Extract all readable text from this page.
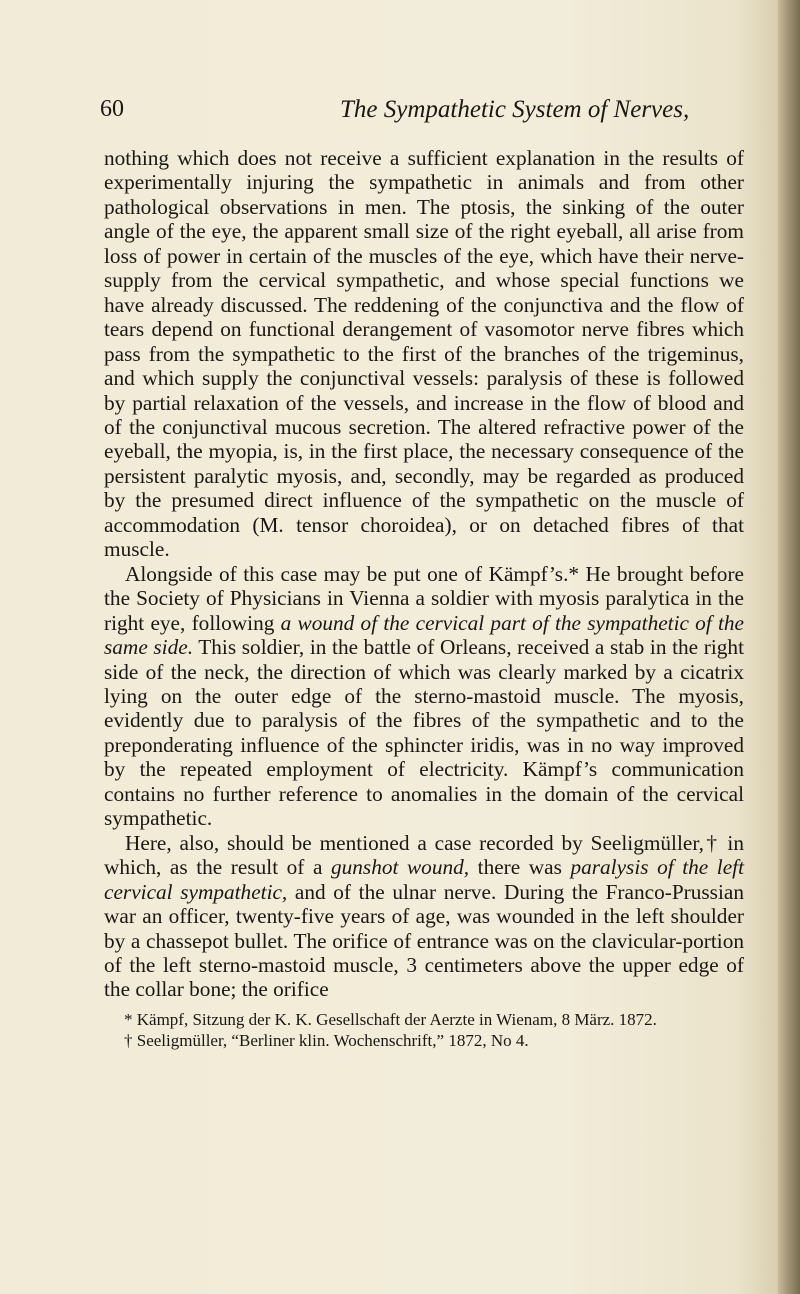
60	The Sympathetic System of Nerves,

nothing which does not receive a sufficient explanation in the results of experimentally injuring the sympathetic in animals and from other pathological observations in men. The ptosis, the sinking of the outer angle of the eye, the apparent small size of the right eyeball, all arise from loss of power in certain of the muscles of the eye, which have their nerve-supply from the cervical sympathetic, and whose special functions we have already discussed. The reddening of the conjunctiva and the flow of tears depend on functional derangement of vasomotor nerve fibres which pass from the sympathetic to the first of the branches of the trigeminus, and which supply the conjunctival vessels: paralysis of these is followed by partial relaxation of the vessels, and increase in the flow of blood and of the conjunctival mucous secretion. The altered refractive power of the eyeball, the myopia, is, in the first place, the necessary consequence of the persistent paralytic myosis, and, secondly, may be regarded as produced by the presumed direct influence of the sympathetic on the muscle of accommodation (M. tensor choroidea), or on detached fibres of that muscle.

Alongside of this case may be put one of Kämpf’s.* He brought before the Society of Physicians in Vienna a soldier with myosis paralytica in the right eye, following a wound of the cervical part of the sympathetic of the same side. This soldier, in the battle of Orleans, received a stab in the right side of the neck, the direction of which was clearly marked by a cicatrix lying on the outer edge of the sterno-mastoid muscle. The myosis, evidently due to paralysis of the fibres of the sympathetic and to the preponderating influence of the sphincter iridis, was in no way improved by the repeated employment of electricity. Kämpf’s communication contains no further reference to anomalies in the domain of the cervical sympathetic.

Here, also, should be mentioned a case recorded by Seeligmüller,† in which, as the result of a gunshot wound, there was paralysis of the left cervical sympathetic, and of the ulnar nerve. During the Franco-Prussian war an officer, twenty-five years of age, was wounded in the left shoulder by a chassepot bullet. The orifice of entrance was on the clavicular-portion of the left sterno-mastoid muscle, 3 centimeters above the upper edge of the collar bone; the orifice

* Kämpf, Sitzung der K. K. Gesellschaft der Aerzte in Wienam, 8 März. 1872.

† Seeligmüller, “Berliner klin. Wochenschrift,” 1872, No 4.
